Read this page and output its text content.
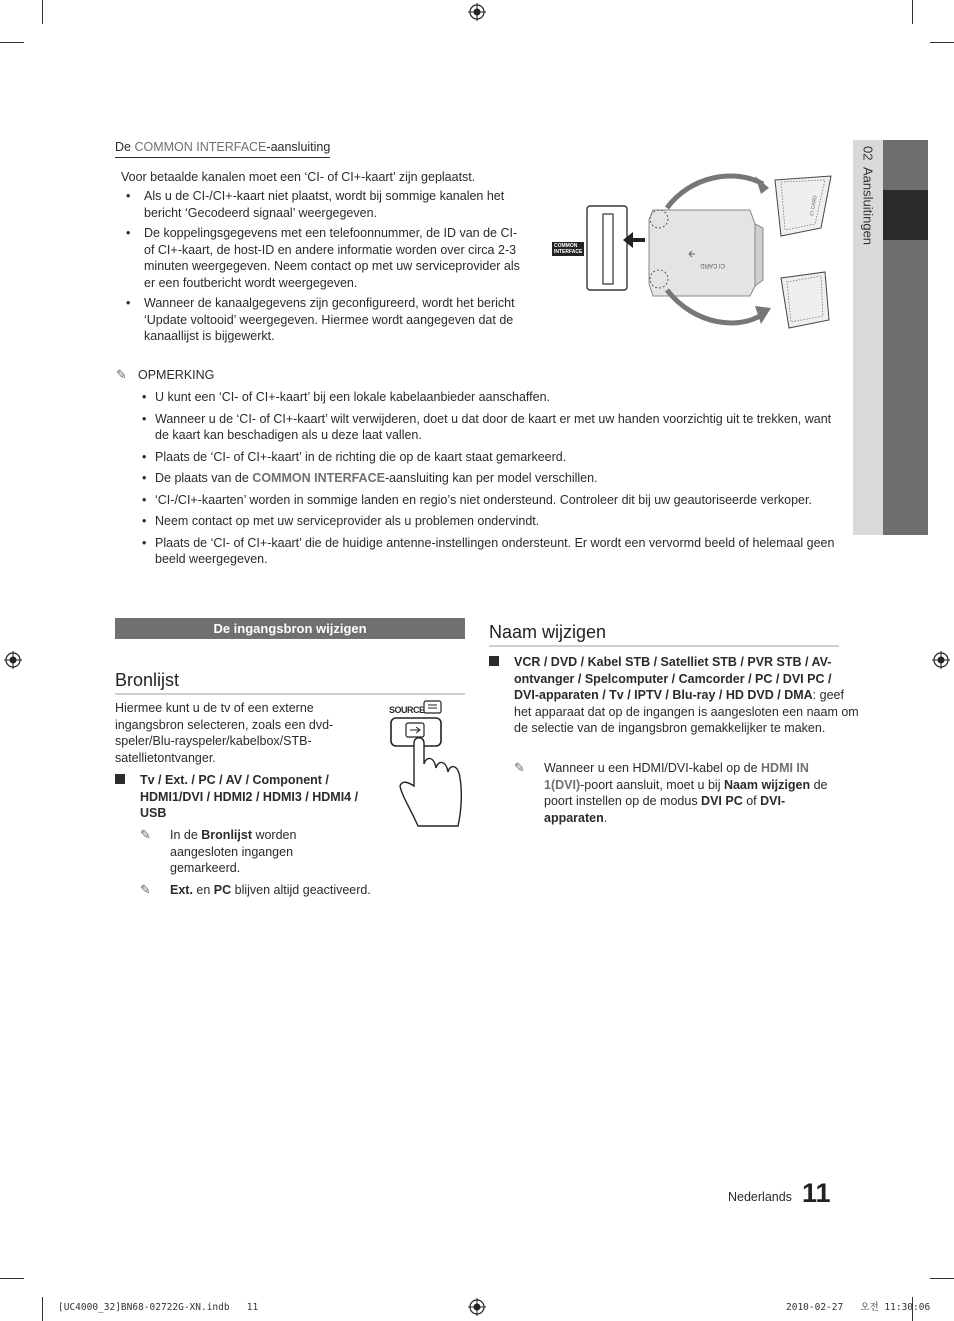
02  Aansluitingen
De COMMON INTERFACE-aansluiting
Voor betaalde kanalen moet een ‘CI- of CI+-kaart’ zijn geplaatst.
• Als u de CI-/CI+-kaart niet plaatst, wordt bij sommige kanalen het bericht ‘Gecodeerd signaal’ weergegeven.
• De koppelingsgegevens met een telefoonnummer, de ID van de CI- of CI+-kaart, de host-ID en andere informatie worden over circa 2-3 minuten weergegeven. Neem contact op met uw serviceprovider als er een foutbericht wordt weergegeven.
• Wanneer de kanaalgegevens zijn geconfigureerd, wordt het bericht ‘Update voltooid’ weergegeven. Hiermee wordt aangegeven dat de kanaallijst is bijgewerkt.
COMMON
INTERFACE
CI CARD
CI CARD
✎ OPMERKING
• U kunt een ‘CI- of CI+-kaart’ bij een lokale kabelaanbieder aanschaffen.
• Wanneer u de ‘CI- of CI+-kaart’ wilt verwijderen, doet u dat door de kaart er met uw handen voorzichtig uit te trekken, want de kaart kan beschadigen als u deze laat vallen.
• Plaats de ‘CI- of CI+-kaart’ in de richting die op de kaart staat gemarkeerd.
• De plaats van de COMMON INTERFACE-aansluiting kan per model verschillen.
• ‘CI-/CI+-kaarten’ worden in sommige landen en regio’s niet ondersteund. Controleer dit bij uw geautoriseerde verkoper.
• Neem contact op met uw serviceprovider als u problemen ondervindt.
• Plaats de ‘CI- of CI+-kaart’ die de huidige antenne-instellingen ondersteunt. Er wordt een vervormd beeld of helemaal geen beeld weergegeven.
De ingangsbron wijzigen
Bronlijst
Hiermee kunt u de tv of een externe ingangsbron selecteren, zoals een dvd-speler/Blu-rayspeler/kabelbox/STB-satellietontvanger.
Tv / Ext. / PC / AV / Component / HDMI1/DVI / HDMI2 / HDMI3 / HDMI4 / USB
✎	In de Bronlijst worden aangesloten ingangen gemarkeerd.
✎	Ext. en PC blijven altijd geactiveerd.
SOURCE
Naam wijzigen
VCR / DVD / Kabel STB / Satelliet STB / PVR STB / AV-ontvanger / Spelcomputer / Camcorder / PC / DVI PC / DVI-apparaten / Tv / IPTV / Blu-ray / HD DVD / DMA: geef het apparaat dat op de ingangen is aangesloten een naam om de selectie van de ingangsbron gemakkelijker te maken.
✎	Wanneer u een HDMI/DVI-kabel op de HDMI IN 1(DVI)-poort aansluit, moet u bij Naam wijzigen de poort instellen op de modus DVI PC of DVI-apparaten.
Nederlands 11
[UC4000_32]BN68-02722G-XN.indb   11	2010-02-27   오전 11:30:06
